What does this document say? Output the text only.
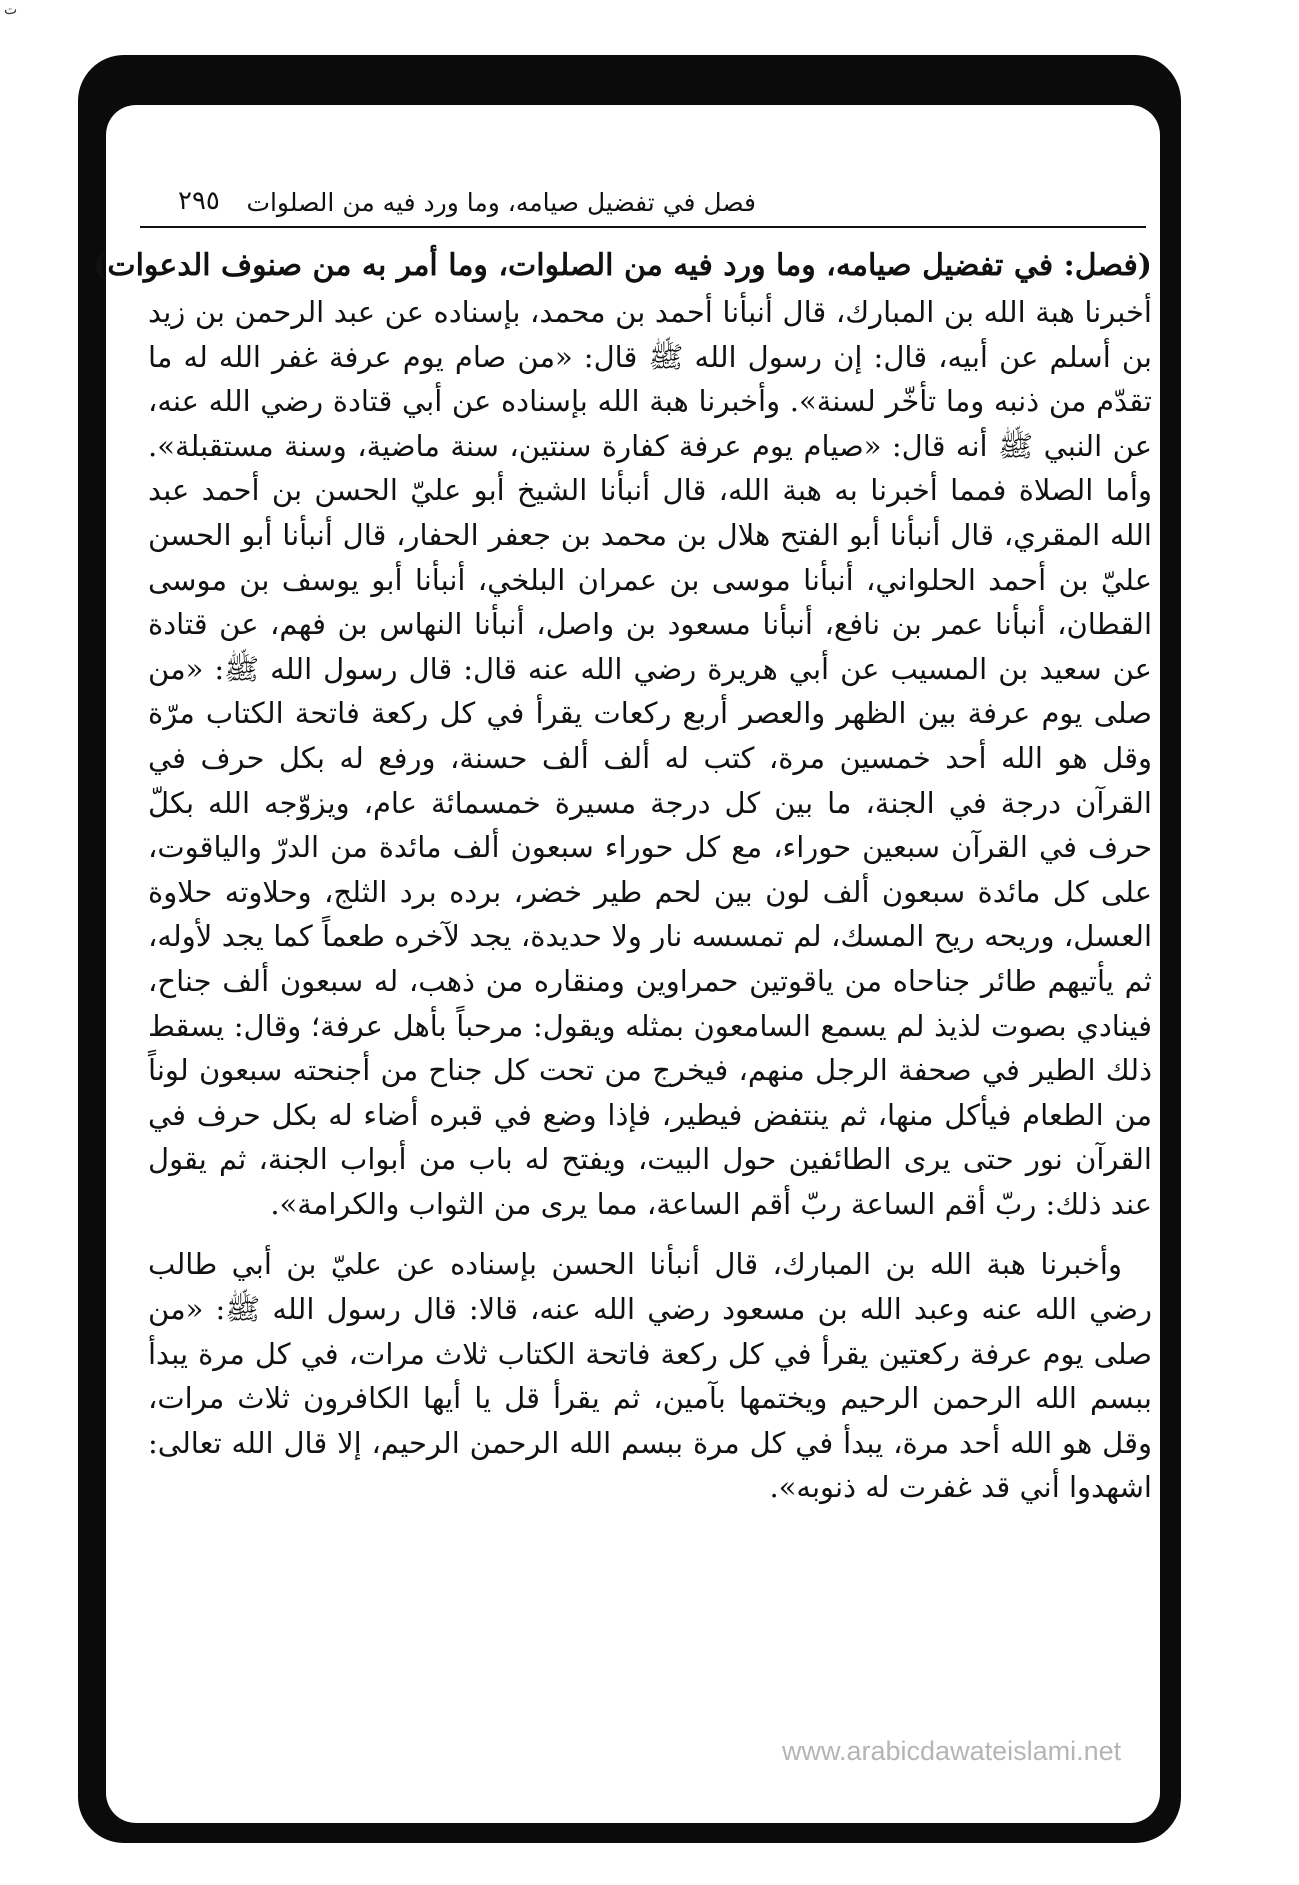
ت
فصل في تفضيل صيامه، وما ورد فيه من الصلوات
٢٩٥
(فصل: في تفضيل صيامه، وما ورد فيه من الصلوات، وما أمر به من صنوف الدعوات)

أخبرنا هبة الله بن المبارك، قال أنبأنا أحمد بن محمد، بإسناده عن عبد الرحمن بن زيد بن أسلم عن أبيه، قال: إن رسول الله ﷺ قال: «من صام يوم عرفة غفر الله له ما تقدّم من ذنبه وما تأخّر لسنة». وأخبرنا هبة الله بإسناده عن أبي قتادة رضي الله عنه، عن النبي ﷺ أنه قال: «صيام يوم عرفة كفارة سنتين، سنة ماضية، وسنة مستقبلة». وأما الصلاة فمما أخبرنا به هبة الله، قال أنبأنا الشيخ أبو عليّ الحسن بن أحمد عبد الله المقري، قال أنبأنا أبو الفتح هلال بن محمد بن جعفر الحفار، قال أنبأنا أبو الحسن عليّ بن أحمد الحلواني، أنبأنا موسى بن عمران البلخي، أنبأنا أبو يوسف بن موسى القطان، أنبأنا عمر بن نافع، أنبأنا مسعود بن واصل، أنبأنا النهاس بن فهم، عن قتادة عن سعيد بن المسيب عن أبي هريرة رضي الله عنه قال: قال رسول الله ﷺ: «من صلى يوم عرفة بين الظهر والعصر أربع ركعات يقرأ في كل ركعة فاتحة الكتاب مرّة وقل هو الله أحد خمسين مرة، كتب له ألف ألف حسنة، ورفع له بكل حرف في القرآن درجة في الجنة، ما بين كل درجة مسيرة خمسمائة عام، ويزوّجه الله بكلّ حرف في القرآن سبعين حوراء، مع كل حوراء سبعون ألف مائدة من الدرّ والياقوت، على كل مائدة سبعون ألف لون بين لحم طير خضر، برده برد الثلج، وحلاوته حلاوة العسل، وريحه ريح المسك، لم تمسسه نار ولا حديدة، يجد لآخره طعماً كما يجد لأوله، ثم يأتيهم طائر جناحاه من ياقوتين حمراوين ومنقاره من ذهب، له سبعون ألف جناح، فينادي بصوت لذيذ لم يسمع السامعون بمثله ويقول: مرحباً بأهل عرفة؛ وقال: يسقط ذلك الطير في صحفة الرجل منهم، فيخرج من تحت كل جناح من أجنحته سبعون لوناً من الطعام فيأكل منها، ثم ينتفض فيطير، فإذا وضع في قبره أضاء له بكل حرف في القرآن نور حتى يرى الطائفين حول البيت، ويفتح له باب من أبواب الجنة، ثم يقول عند ذلك: ربّ أقم الساعة ربّ أقم الساعة، مما يرى من الثواب والكرامة».

وأخبرنا هبة الله بن المبارك، قال أنبأنا الحسن بإسناده عن عليّ بن أبي طالب رضي الله عنه وعبد الله بن مسعود رضي الله عنه، قالا: قال رسول الله ﷺ: «من صلى يوم عرفة ركعتين يقرأ في كل ركعة فاتحة الكتاب ثلاث مرات، في كل مرة يبدأ ببسم الله الرحمن الرحيم ويختمها بآمين، ثم يقرأ قل يا أيها الكافرون ثلاث مرات، وقل هو الله أحد مرة، يبدأ في كل مرة ببسم الله الرحمن الرحيم، إلا قال الله تعالى: اشهدوا أني قد غفرت له ذنوبه».

www.arabicdawateislami.net
